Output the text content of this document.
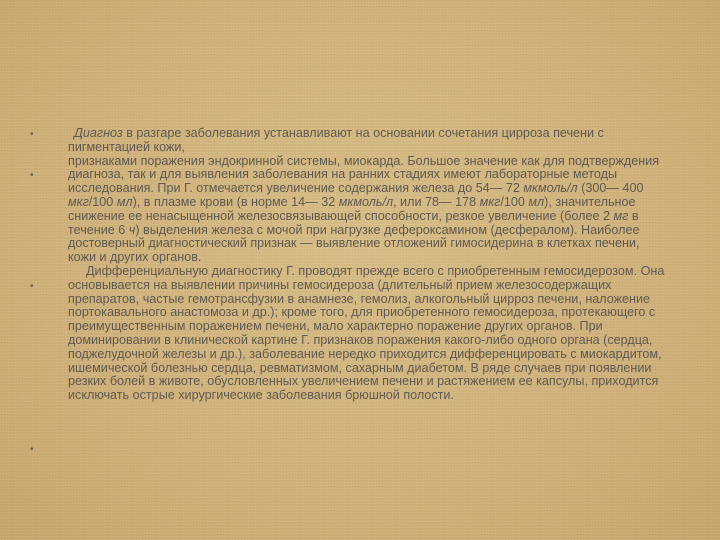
•
•
•
•
Диагноз в разгаре заболевания устанавливают на основании сочетания цирроза печени с пигментацией кожи,
признаками поражения эндокринной системы, миокарда. Большое значение как для подтверждения диагноза, так и для выявления заболевания на ранних стадиях имеют лабораторные методы исследования. При Г. отмечается увеличение содержания железа до 54— 72 мкмоль/л (300— 400 мкг/100 мл), в плазме крови (в норме 14— 32 мкмоль/л, или 78— 178 мкг/100 мл), значительное снижение ее ненасыщенной железосвязывающей способности, резкое увеличение (более 2 мг в течение 6 ч) выделения железа с мочой при нагрузке дефероксамином (десфералом). Наиболее достоверный диагностический признак — выявление отложений гимосидерина в клетках печени, кожи и других органов.
Дифференциальную диагностику Г. проводят прежде всего с приобретенным гемосидерозом. Она основывается на выявлении причины гемосидероза (длительный прием железосодержащих препаратов, частые гемотрансфузии в анамнезе, гемолиз, алкогольный цирроз печени, наложение портокавального анастомоза и др.); кроме того, для приобретенного гемосидероза, протекающего с преимущественным поражением печени, мало характерно поражение других органов. При доминировании в клинической картине Г. признаков поражения какого-либо одного органа (сердца, поджелудочной железы и др.), заболевание нередко приходится дифференцировать с миокардитом, ишемической болезнью сердца, ревматизмом, сахарным диабетом. В ряде случаев при появлении резких болей в животе, обусловленных увеличением печени и растяжением ее капсулы, приходится исключать острые хирургические заболевания брюшной полости.
